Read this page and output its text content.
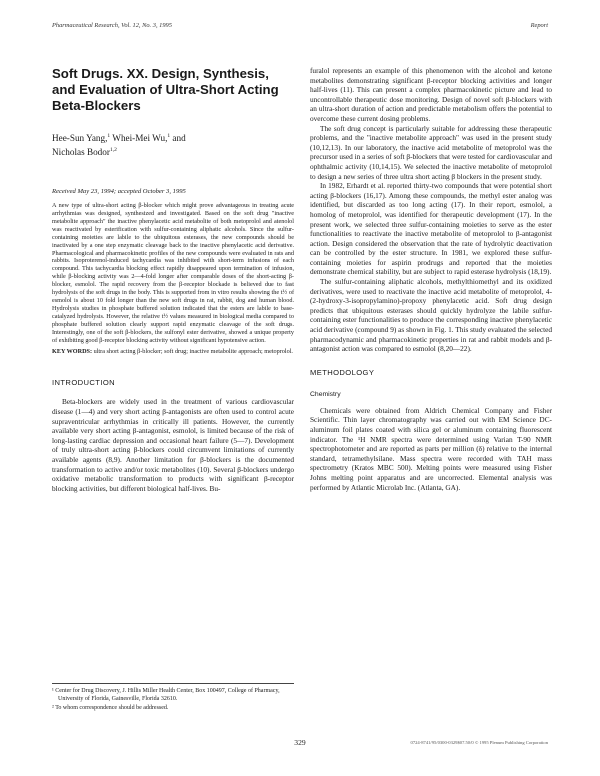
Pharmaceutical Research, Vol. 12, No. 3, 1995	Report
Soft Drugs. XX. Design, Synthesis, and Evaluation of Ultra-Short Acting Beta-Blockers
Hee-Sun Yang,$^1$ Whei-Mei Wu,$^1$ and
Nicholas Bodor$^{1,2}$
Received May 23, 1994; accepted October 3, 1995

A new type of ultra-short acting β-blocker which might prove advantageous in treating acute arrhythmias was designed, synthesized and investigated. Based on the soft drug "inactive metabolite approach" the inactive phenylacetic acid metabolite of both metoprolol and atenolol was reactivated by esterification with sulfur-containing aliphatic alcohols. Since the sulfur-containing moieties are labile to the ubiquitous esterases, the new compounds should be inactivated by a one step enzymatic cleavage back to the inactive phenylacetic acid derivative. Pharmacological and pharmacokinetic profiles of the new compounds were evaluated in rats and rabbits. Isoproterenol-induced tachycardia was inhibited with short-term infusions of each compound. This tachycardia blocking effect rapidly disappeared upon termination of infusion, while β-blocking activity was 2—4-fold longer after comparable doses of the short-acting β-blocker, esmolol. The rapid recovery from the β-receptor blockade is believed due to fast hydrolysis of the soft drugs in the body. This is supported from in vitro results showing the t½ of esmolol is about 10 fold longer than the new soft drugs in rat, rabbit, dog and human blood. Hydrolysis studies in phosphate buffered solution indicated that the esters are labile to base-catalyzed hydrolysis. However, the relative t½ values measured in biological media compared to phosphate buffered solution clearly support rapid enzymatic cleavage of the soft drugs. Interestingly, one of the soft β-blockers, the sulfonyl ester derivative, showed a unique property of exhibiting good β-receptor blocking activity without significant hypotensive action.

KEY WORDS: ultra short acting β-blocker; soft drug; inactive metabolite approach; metoprolol.

INTRODUCTION

Beta-blockers are widely used in the treatment of various cardiovascular disease (1—4) and very short acting β-antagonists are often used to control acute supraventricular arrhythmias in critically ill patients. However, the currently available very short acting β-antagonist, esmolol, is limited because of the risk of long-lasting cardiac depression and occasional heart failure (5—7). Development of truly ultra-short acting β-blockers could circumvent limitations of currently available agents (8,9). Another limitation for β-blockers is the documented transformation to active and/or toxic metabolites (10). Several β-blockers undergo oxidative metabolic transformation to products with significant β-receptor blocking activities, but different biological half-lives. Bu-

¹ Center for Drug Discovery, J. Hillis Miller Health Center, Box 100497, College of Pharmacy, University of Florida, Gainesville, Florida 32610.

² To whom correspondence should be addressed.

furalol represents an example of this phenomenon with the alcohol and ketone metabolites demonstrating significant β-receptor blocking activities and longer half-lives (11). This can present a complex pharmacokinetic picture and lead to uncontrollable therapeutic dose monitoring. Design of novel soft β-blockers with an ultra-short duration of action and predictable metabolism offers the potential to overcome these current dosing problems.

The soft drug concept is particularly suitable for addressing these therapeutic problems, and the "inactive metabolite approach" was used in the present study (10,12,13). In our laboratory, the inactive acid metabolite of metoprolol was the precursor used in a series of soft β-blockers that were tested for cardiovascular and ophthalmic activity (10,14,15). We selected the inactive metabolite of metoprolol to design a new series of three ultra short acting β blockers in the present study.

In 1982, Erhardt et al. reported thirty-two compounds that were potential short acting β-blockers (16,17). Among these compounds, the methyl ester analog was identified, but discarded as too long acting (17). In their report, esmolol, a homolog of metoprolol, was identified for therapeutic development (17). In the present work, we selected three sulfur-containing moieties to serve as the ester functionalities to reactivate the inactive metabolite of metoprolol to β-antagonist action. Design considered the observation that the rate of hydrolytic deactivation can be controlled by the ester structure. In 1981, we explored these sulfur-containing moieties for aspirin prodrugs and reported that the moieties demonstrate chemical stability, but are subject to rapid esterase hydrolysis (18,19).

The sulfur-containing aliphatic alcohols, methylthiomethyl and its oxidized derivatives, were used to reactivate the inactive acid metabolite of metoprolol, 4-(2-hydroxy-3-isopropylamino)-propoxy phenylacetic acid. Soft drug design predicts that ubiquitous esterases should quickly hydrolyze the labile sulfur-containing ester functionalities to produce the corresponding inactive phenylacetic acid derivative (compound 9) as shown in Fig. 1. This study evaluated the selected pharmacodynamic and pharmacokinetic properties in rat and rabbit models and β-antagonist action was compared to esmolol (8,20—22).

METHODOLOGY
Chemistry

Chemicals were obtained from Aldrich Chemical Company and Fisher Scientific. Thin layer chromatography was carried out with EM Science DC-aluminum foil plates coated with silica gel or aluminum containing fluorescent indicator. The ¹H NMR spectra were determined using Varian T-90 NMR spectrophotometer and are reported as parts per million (δ) relative to the internal standard, tetramethylsilane. Mass spectra were recorded with TAH mass spectrometry (Kratos MBC 500). Melting points were measured using Fisher Johns melting point apparatus and are uncorrected. Elemental analysis was performed by Atlantic Microlab Inc. (Atlanta, GA).

329	0724-8741/95/0300-0329$07.50/0 © 1995 Plenum Publishing Corporation
